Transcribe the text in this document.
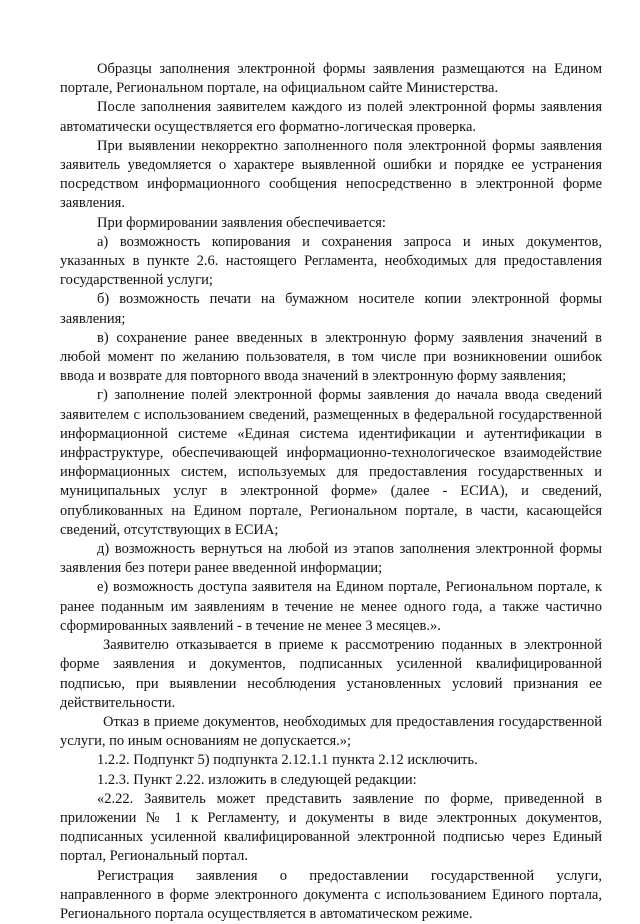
Образцы заполнения электронной формы заявления размещаются на Едином портале, Региональном портале, на официальном сайте Министерства.

После заполнения заявителем каждого из полей электронной формы заявления автоматически осуществляется его форматно-логическая проверка.

При выявлении некорректно заполненного поля электронной формы заявления заявитель уведомляется о характере выявленной ошибки и порядке ее устранения посредством информационного сообщения непосредственно в электронной форме заявления.

При формировании заявления обеспечивается:

а) возможность копирования и сохранения запроса и иных документов, указанных в пункте 2.6. настоящего Регламента, необходимых для предоставления государственной услуги;

б) возможность печати на бумажном носителе копии электронной формы заявления;

в) сохранение ранее введенных в электронную форму заявления значений в любой момент по желанию пользователя, в том числе при возникновении ошибок ввода и возврате для повторного ввода значений в электронную форму заявления;

г) заполнение полей электронной формы заявления до начала ввода сведений заявителем с использованием сведений, размещенных в федеральной государственной информационной системе «Единая система идентификации и аутентификации в инфраструктуре, обеспечивающей информационно-технологическое взаимодействие информационных систем, используемых для предоставления государственных и муниципальных услуг в электронной форме» (далее - ЕСИА), и сведений, опубликованных на Едином портале, Региональном портале, в части, касающейся сведений, отсутствующих в ЕСИА;

д) возможность вернуться на любой из этапов заполнения электронной формы заявления без потери ранее введенной информации;

е) возможность доступа заявителя на Едином портале, Региональном портале, к ранее поданным им заявлениям в течение не менее одного года, а также частично сформированных заявлений - в течение не менее 3 месяцев.».

Заявителю отказывается в приеме к рассмотрению поданных в электронной форме заявления и документов, подписанных усиленной квалифицированной подписью, при выявлении несоблюдения установленных условий признания ее действительности.

Отказ в приеме документов, необходимых для предоставления государственной услуги, по иным основаниям не допускается.»;

1.2.2. Подпункт 5) подпункта 2.12.1.1 пункта 2.12 исключить.

1.2.3. Пункт 2.22. изложить в следующей редакции:

«2.22. Заявитель может представить заявление по форме, приведенной в приложении № 1 к Регламенту, и документы в виде электронных документов, подписанных усиленной квалифицированной электронной подписью через Единый портал, Региональный портал.

Регистрация заявления о предоставлении государственной услуги, направленного в форме электронного документа с использованием Единого портала, Регионального портала осуществляется в автоматическом режиме.
